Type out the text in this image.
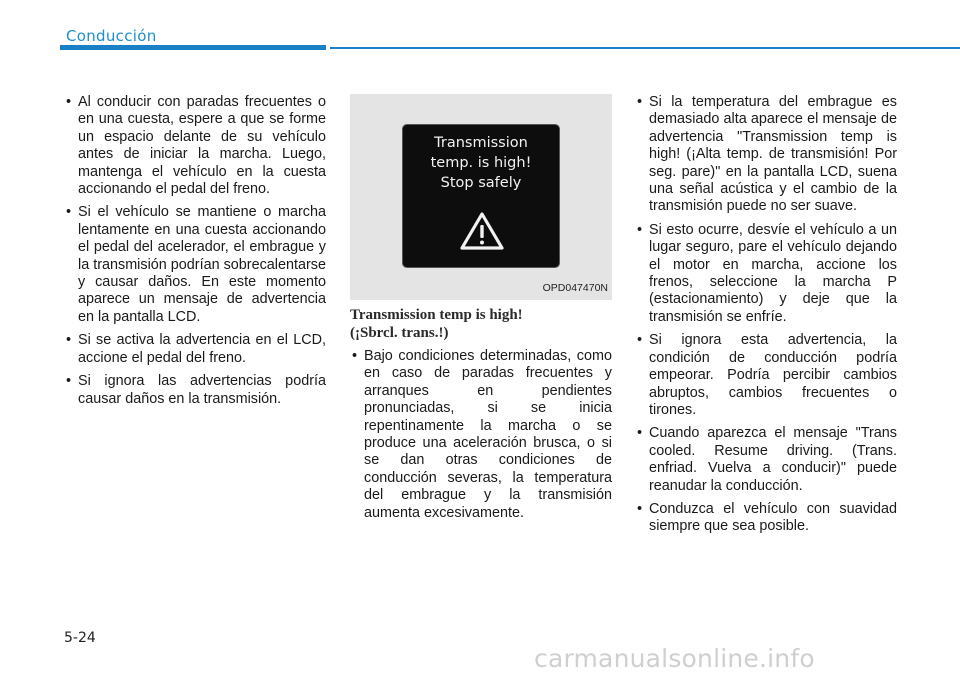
Conducción
• Al conducir con paradas frecuentes o en una cuesta, espere a que se forme un espacio delante de su vehículo antes de iniciar la marcha. Luego, mantenga el vehículo en la cuesta accionando el pedal del freno.
• Si el vehículo se mantiene o marcha lentamente en una cuesta accionando el pedal del acelerador, el embrague y la transmisión podrían sobrecalentarse y causar daños. En este momento aparece un mensaje de advertencia en la pantalla LCD.
• Si se activa la advertencia en el LCD, accione el pedal del freno.
• Si ignora las advertencias podría causar daños en la transmisión.
Transmission
temp. is high!
Stop safely
OPD047470N
Transmission temp is high!
(¡Sbrcl. trans.!)
• Bajo condiciones determinadas, como en caso de paradas frecuentes y arranques en pendientes pronunciadas, si se inicia repentinamente la marcha o se produce una aceleración brusca, o si se dan otras condiciones de conducción severas, la temperatura del embrague y la transmisión aumenta excesivamente.
• Si la temperatura del embrague es demasiado alta aparece el mensaje de advertencia "Transmission temp is high! (¡Alta temp. de transmisión! Por seg. pare)" en la pantalla LCD, suena una señal acústica y el cambio de la transmisión puede no ser suave.
• Si esto ocurre, desvíe el vehículo a un lugar seguro, pare el vehículo dejando el motor en marcha, accione los frenos, seleccione la marcha P (estacionamiento) y deje que la transmisión se enfríe.
• Si ignora esta advertencia, la condición de conducción podría empeorar. Podría percibir cambios abruptos, cambios frecuentes o tirones.
• Cuando aparezca el mensaje "Trans cooled. Resume driving. (Trans. enfriad. Vuelva a conducir)" puede reanudar la conducción.
• Conduzca el vehículo con suavidad siempre que sea posible.
5-24
carmanualsonline.info
